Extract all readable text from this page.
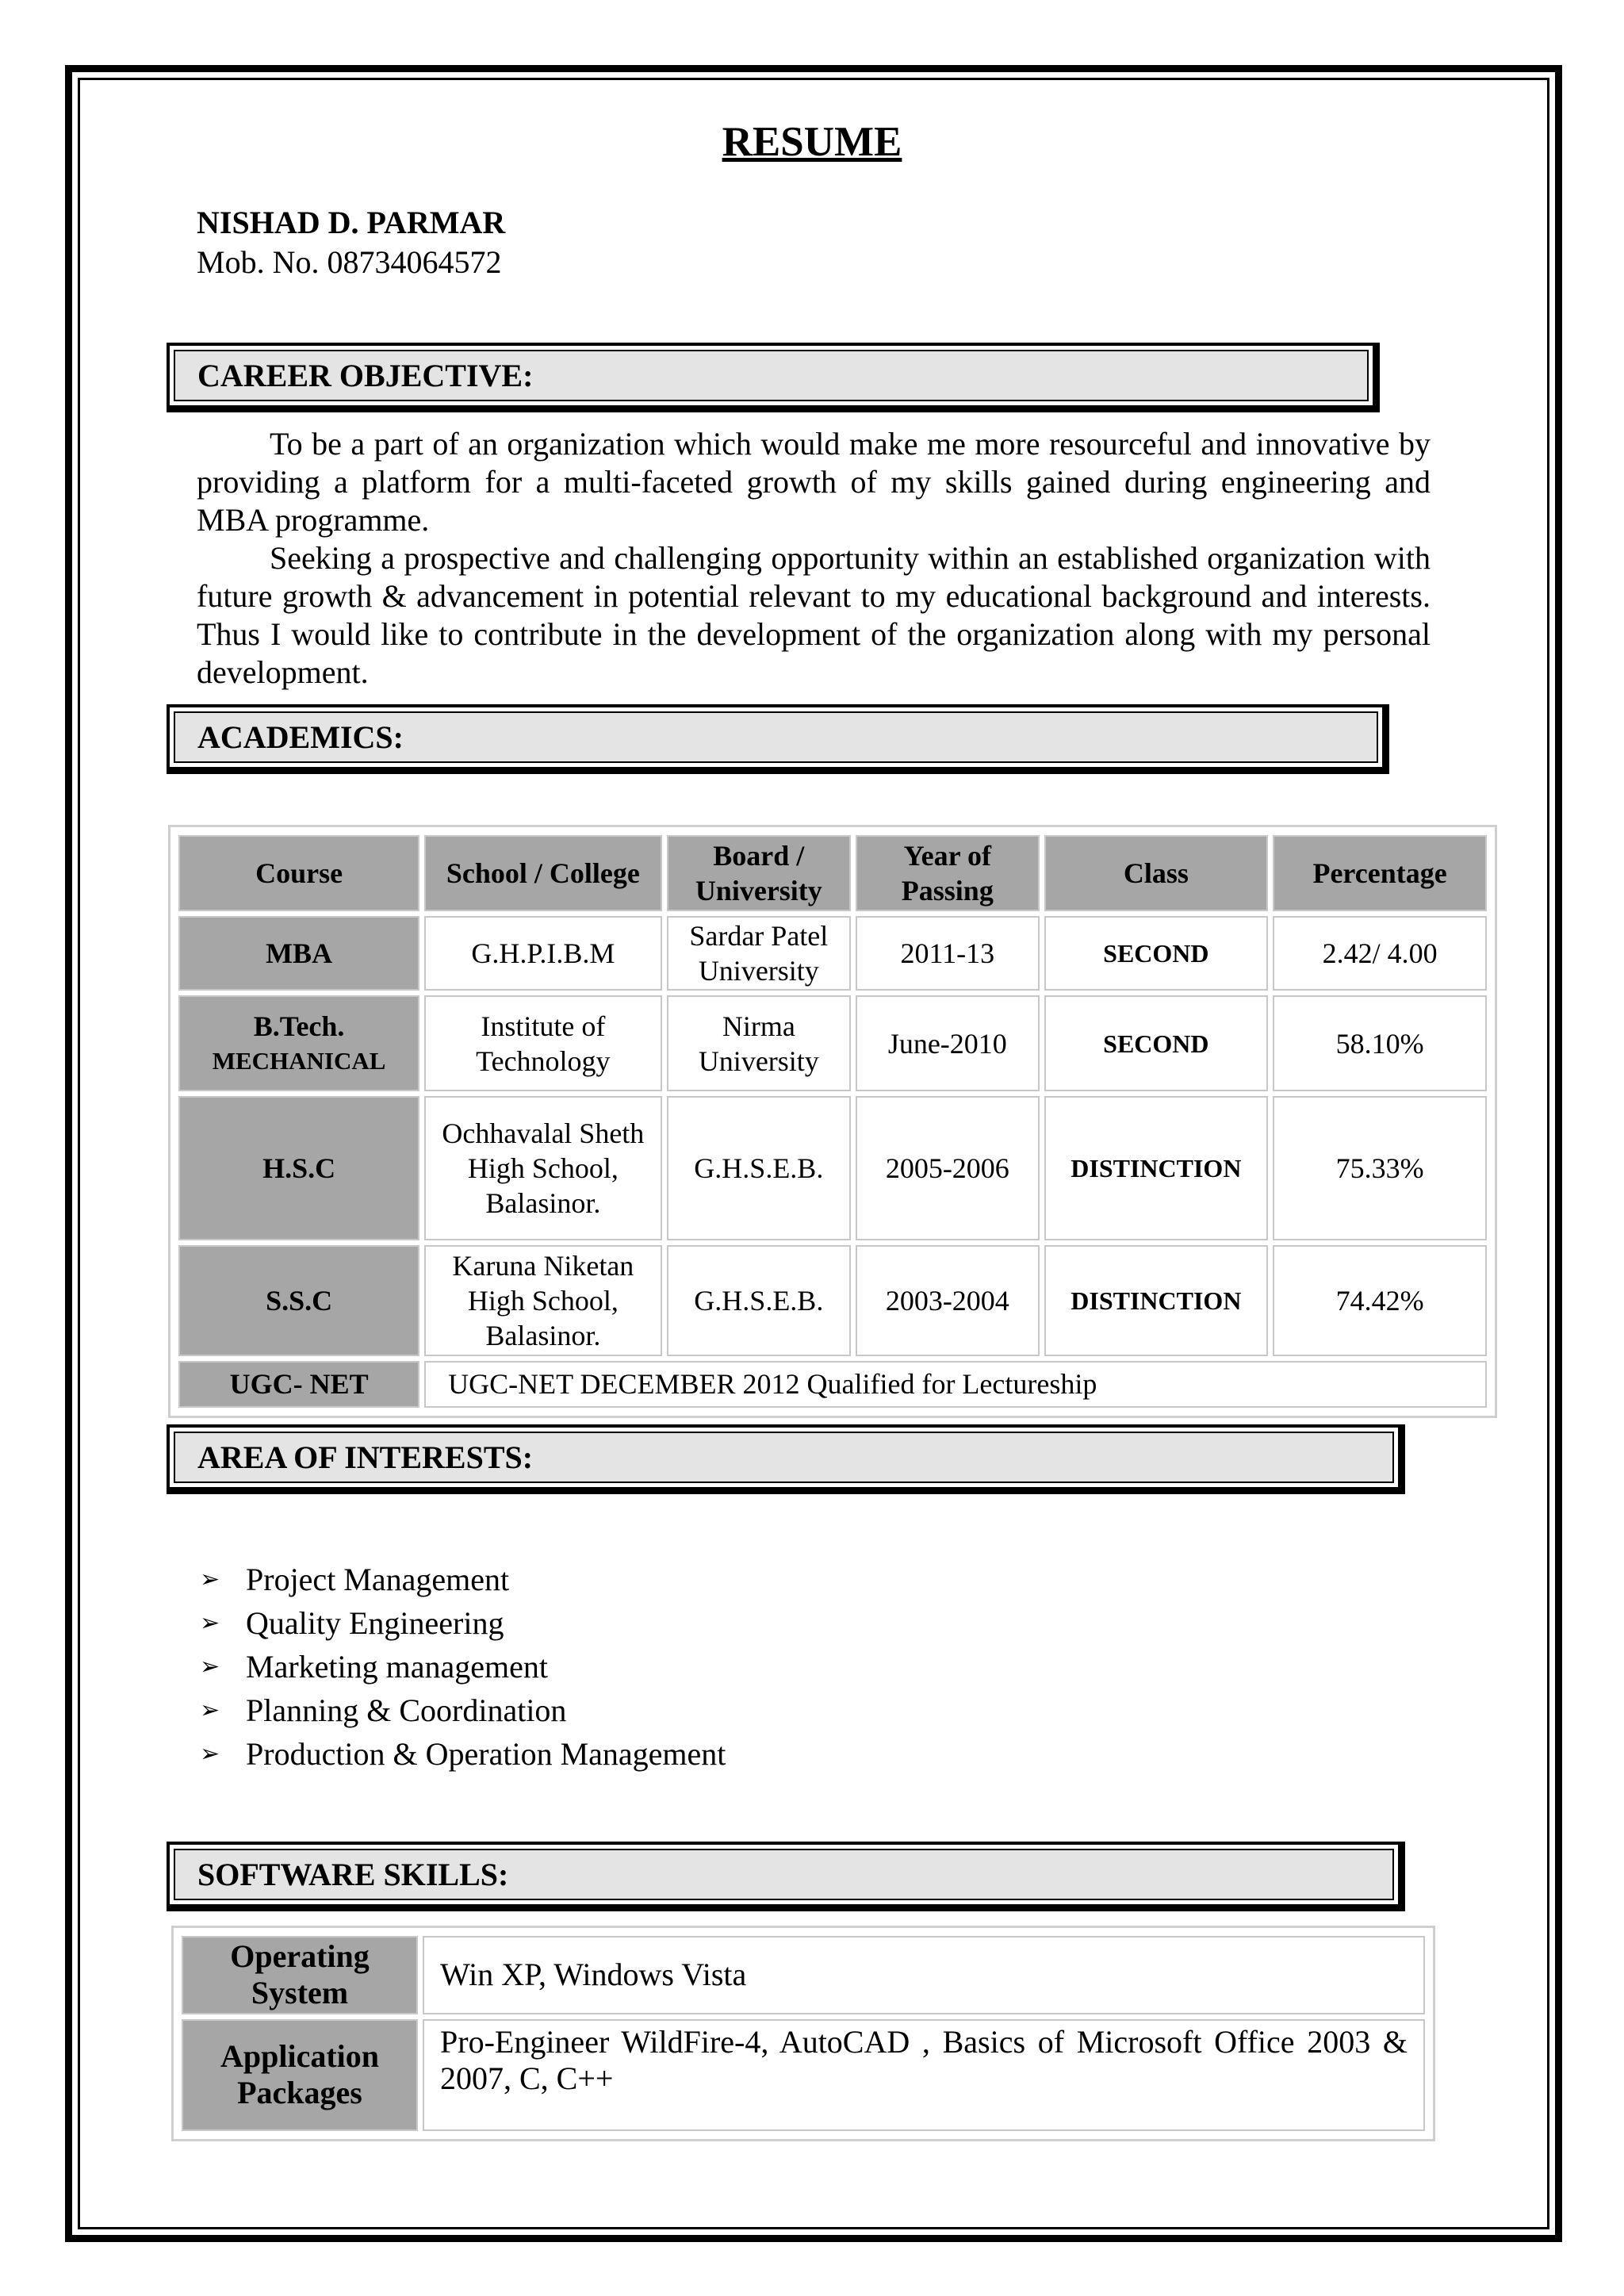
RESUME
NISHAD D. PARMAR
Mob. No. 08734064572
CAREER OBJECTIVE:

To be a part of an organization which would make me more resourceful and innovative by providing a platform for a multi-faceted growth of my skills gained during engineering and MBA programme.

Seeking a prospective and challenging opportunity within an established organization with future growth & advancement in potential relevant to my educational background and interests. Thus I would like to contribute in the development of the organization along with my personal development.

ACADEMICS:
Course	School / College	Board / University	Year of Passing	Class	Percentage
MBA	G.H.P.I.B.M	Sardar Patel University	2011-13	SECOND	2.42/ 4.00

B.Tech.
MECHANICAL	Institute of Technology	Nirma University	June-2010	SECOND	58.10%
H.S.C	Ochhavalal Sheth High School, Balasinor.	G.H.S.E.B.	2005-2006	DISTINCTION	75.33%
S.S.C	Karuna Niketan High School, Balasinor.	G.H.S.E.B.	2003-2004	DISTINCTION	74.42%
UGC- NET	UGC-NET DECEMBER 2012 Qualified for Lectureship				
AREA OF INTERESTS:
➢ Project Management
➢ Quality Engineering
➢ Marketing management
➢ Planning & Coordination
➢ Production & Operation Management
SOFTWARE SKILLS:
Operating System	Win XP, Windows Vista
Application Packages	Pro-Engineer WildFire-4, AutoCAD , Basics of Microsoft Office 2003 & 2007, C, C++
